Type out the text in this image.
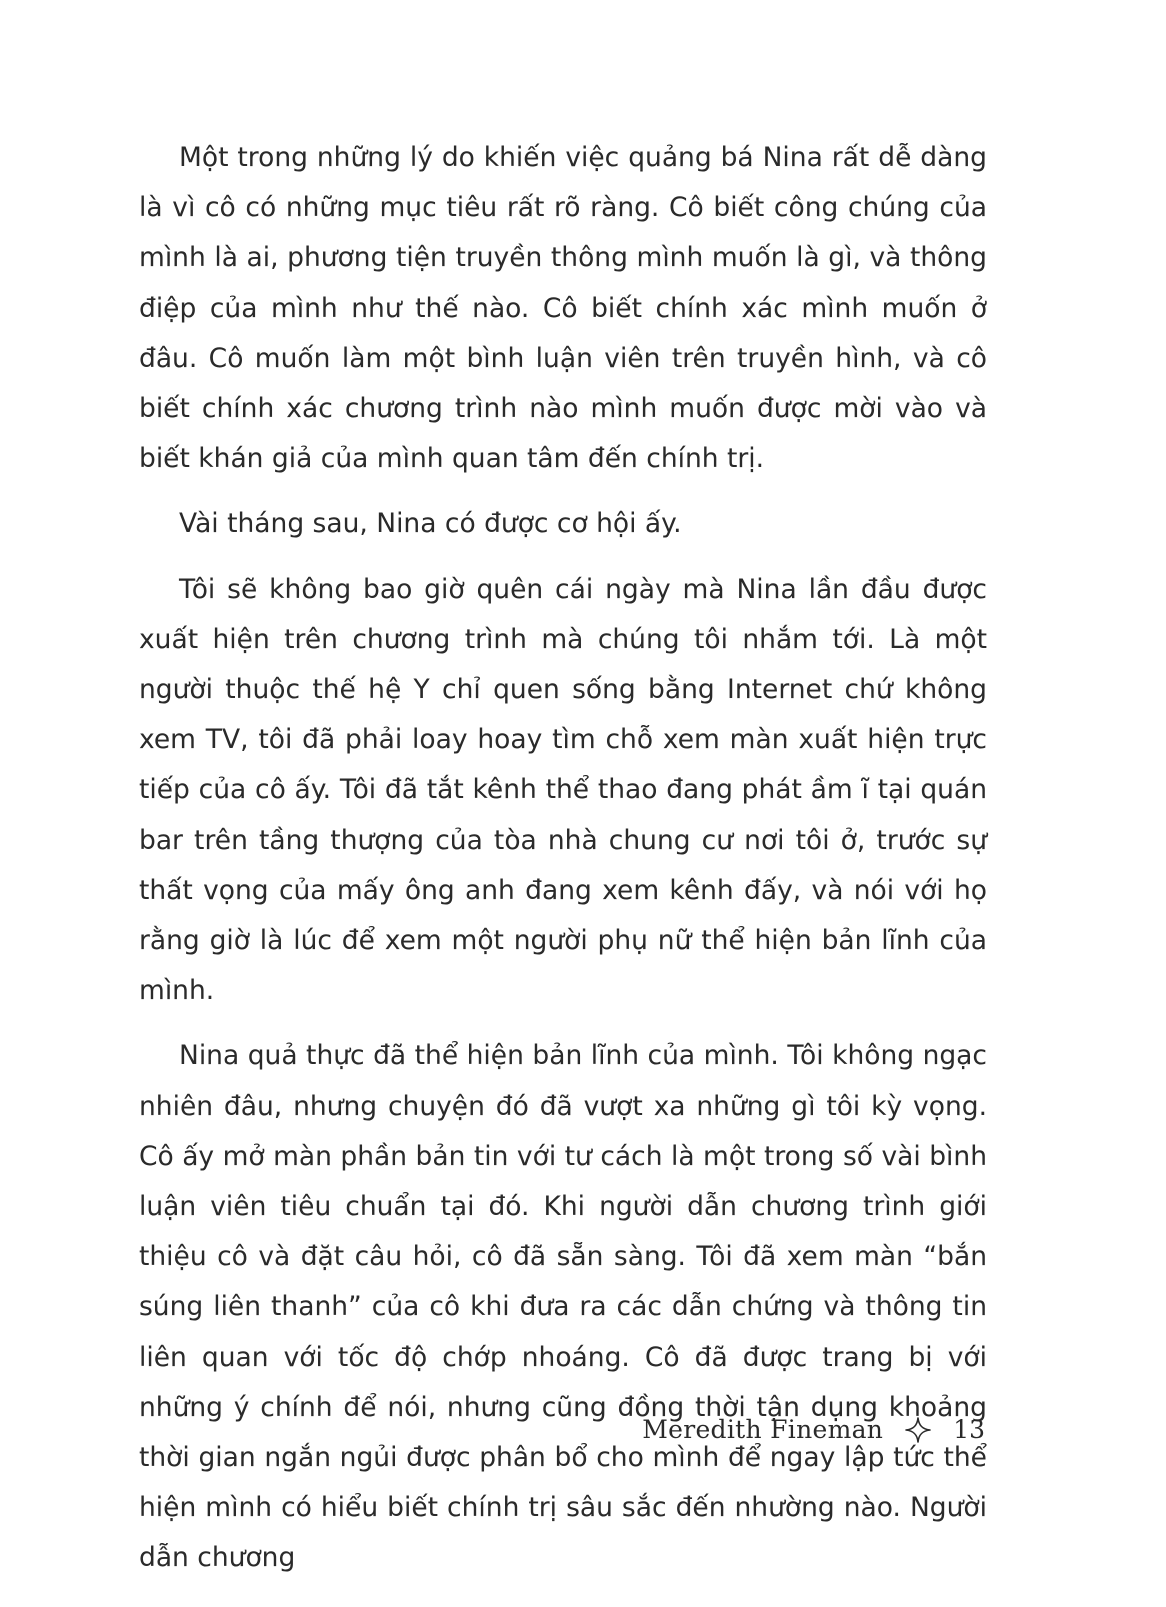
Một trong những lý do khiến việc quảng bá Nina rất dễ dàng là vì cô có những mục tiêu rất rõ ràng. Cô biết công chúng của mình là ai, phương tiện truyền thông mình muốn là gì, và thông điệp của mình như thế nào. Cô biết chính xác mình muốn ở đâu. Cô muốn làm một bình luận viên trên truyền hình, và cô biết chính xác chương trình nào mình muốn được mời vào và biết khán giả của mình quan tâm đến chính trị.

Vài tháng sau, Nina có được cơ hội ấy.

Tôi sẽ không bao giờ quên cái ngày mà Nina lần đầu được xuất hiện trên chương trình mà chúng tôi nhắm tới. Là một người thuộc thế hệ Y chỉ quen sống bằng Internet chứ không xem TV, tôi đã phải loay hoay tìm chỗ xem màn xuất hiện trực tiếp của cô ấy. Tôi đã tắt kênh thể thao đang phát ầm ĩ tại quán bar trên tầng thượng của tòa nhà chung cư nơi tôi ở, trước sự thất vọng của mấy ông anh đang xem kênh đấy, và nói với họ rằng giờ là lúc để xem một người phụ nữ thể hiện bản lĩnh của mình.

Nina quả thực đã thể hiện bản lĩnh của mình. Tôi không ngạc nhiên đâu, nhưng chuyện đó đã vượt xa những gì tôi kỳ vọng. Cô ấy mở màn phần bản tin với tư cách là một trong số vài bình luận viên tiêu chuẩn tại đó. Khi người dẫn chương trình giới thiệu cô và đặt câu hỏi, cô đã sẵn sàng. Tôi đã xem màn “bắn súng liên thanh” của cô khi đưa ra các dẫn chứng và thông tin liên quan với tốc độ chớp nhoáng. Cô đã được trang bị với những ý chính để nói, nhưng cũng đồng thời tận dụng khoảng thời gian ngắn ngủi được phân bổ cho mình để ngay lập tức thể hiện mình có hiểu biết chính trị sâu sắc đến nhường nào. Người dẫn chương

Meredith Fineman	13
